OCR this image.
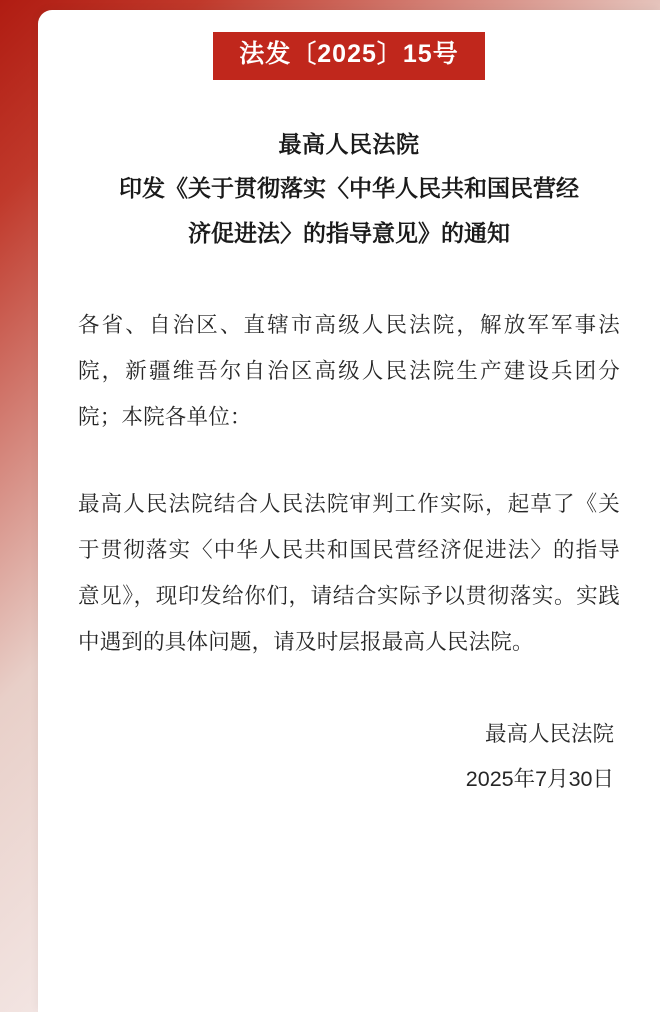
法发〔2025〕15号
最高人民法院
印发《关于贯彻落实〈中华人民共和国民营经
济促进法〉的指导意见》的通知
各省、自治区、直辖市高级人民法院，解放军军事法院，新疆维吾尔自治区高级人民法院生产建设兵团分院；本院各单位：
最高人民法院结合人民法院审判工作实际，起草了《关于贯彻落实〈中华人民共和国民营经济促进法〉的指导意见》，现印发给你们，请结合实际予以贯彻落实。实践中遇到的具体问题，请及时层报最高人民法院。
最高人民法院
2025年7月30日
